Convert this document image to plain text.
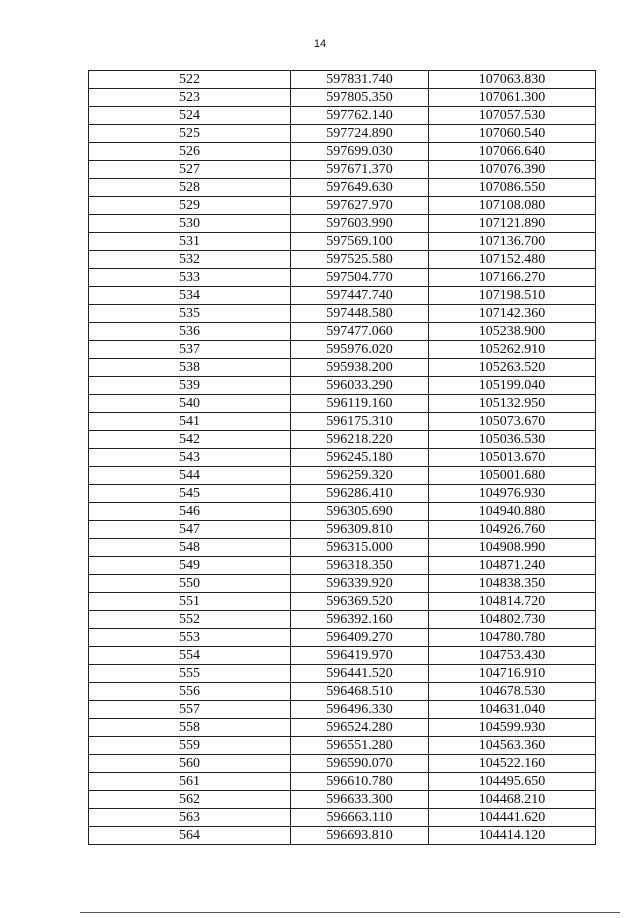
14
522	597831.740	107063.830
523	597805.350	107061.300
524	597762.140	107057.530
525	597724.890	107060.540
526	597699.030	107066.640
527	597671.370	107076.390
528	597649.630	107086.550
529	597627.970	107108.080
530	597603.990	107121.890
531	597569.100	107136.700
532	597525.580	107152.480
533	597504.770	107166.270
534	597447.740	107198.510
535	597448.580	107142.360
536	597477.060	105238.900
537	595976.020	105262.910
538	595938.200	105263.520
539	596033.290	105199.040
540	596119.160	105132.950
541	596175.310	105073.670
542	596218.220	105036.530
543	596245.180	105013.670
544	596259.320	105001.680
545	596286.410	104976.930
546	596305.690	104940.880
547	596309.810	104926.760
548	596315.000	104908.990
549	596318.350	104871.240
550	596339.920	104838.350
551	596369.520	104814.720
552	596392.160	104802.730
553	596409.270	104780.780
554	596419.970	104753.430
555	596441.520	104716.910
556	596468.510	104678.530
557	596496.330	104631.040
558	596524.280	104599.930
559	596551.280	104563.360
560	596590.070	104522.160
561	596610.780	104495.650
562	596633.300	104468.210
563	596663.110	104441.620
564	596693.810	104414.120
